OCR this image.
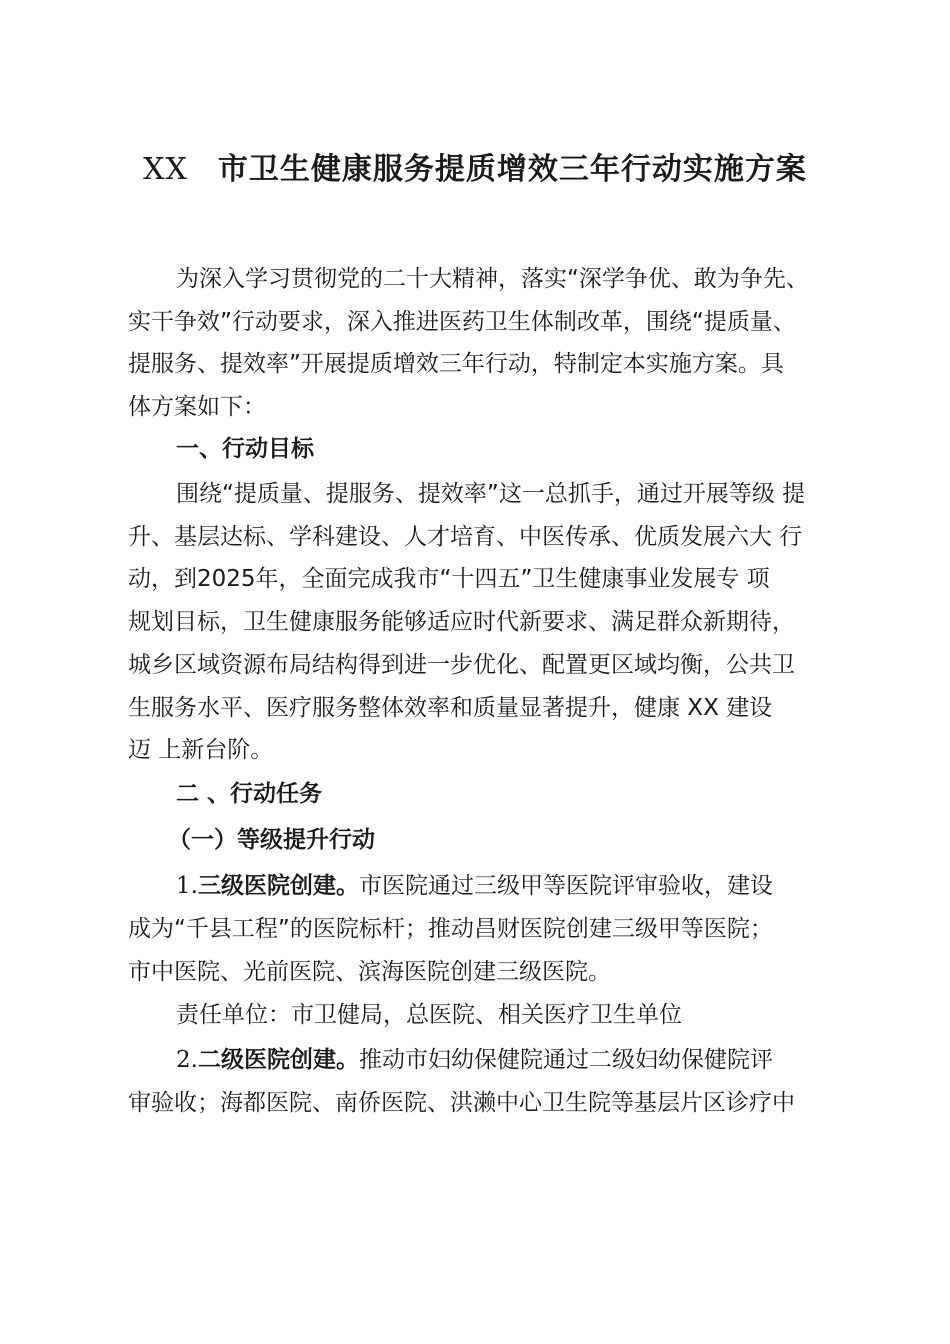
XX 市卫生健康服务提质增效三年行动实施方案
为深入学习贯彻党的二十大精神，落实“深学争优、敢为争先、
实干争效”行动要求，深入推进医药卫生体制改革，围绕“提质量、
提服务、提效率”开展提质增效三年行动，特制定本实施方案。具
体方案如下：
一、行动目标
围绕“提质量、提服务、提效率”这一总抓手，通过开展等级 提
升、基层达标、学科建设、人才培育、中医传承、优质发展六大 行
动，到2025年，全面完成我市“十四五”卫生健康事业发展专 项
规划目标，卫生健康服务能够适应时代新要求、满足群众新期待，
城乡区域资源布局结构得到进一步优化、配置更区域均衡，公共卫
生服务水平、医疗服务整体效率和质量显著提升，健康 XX 建设
迈 上新台阶。
二 、行动任务
（一）等级提升行动
1.三级医院创建。市医院通过三级甲等医院评审验收，建设
成为“千县工程”的医院标杆；推动昌财医院创建三级甲等医院；
市中医院、光前医院、滨海医院创建三级医院。
责任单位：市卫健局，总医院、相关医疗卫生单位
2.二级医院创建。推动市妇幼保健院通过二级妇幼保健院评
审验收；海都医院、南侨医院、洪濑中心卫生院等基层片区诊疗中
